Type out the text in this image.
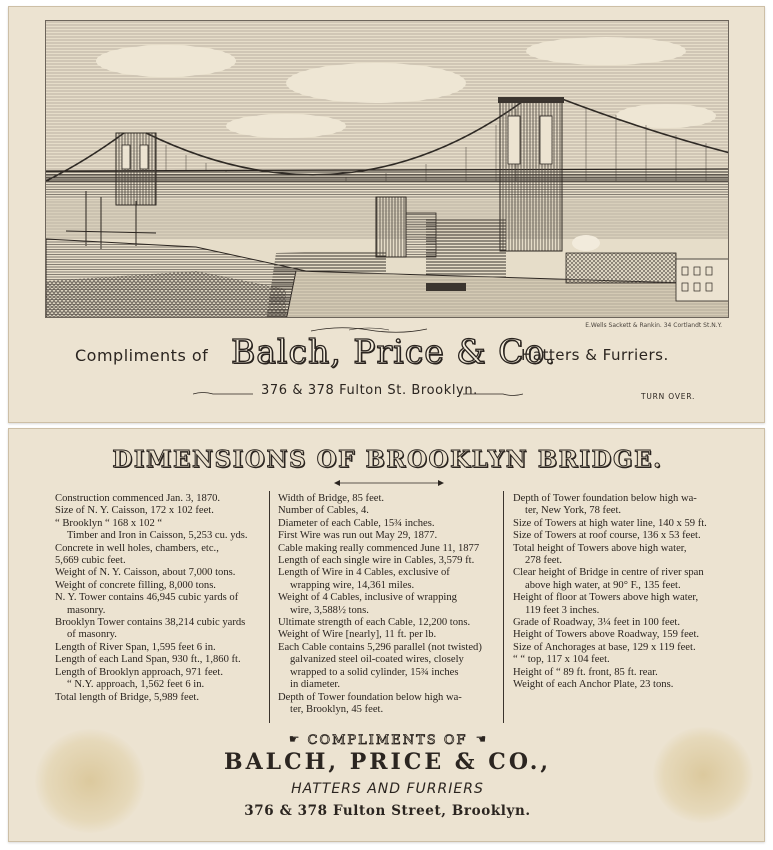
E.Wells Sackett & Rankin. 34 Cortlandt St.N.Y.
Compliments of Balch, Price & Co.
Hatters & Furriers.
376 & 378 Fulton St. Brooklyn.	TURN OVER.
DIMENSIONS OF BROOKLYN BRIDGE.
Construction commenced Jan. 3, 1870.
Size of N. Y. Caisson, 172 x 102 feet.
“ Brooklyn “ 168 x 102 “
Timber and Iron in Caisson, 5,253 cu. yds.
Concrete in well holes, chambers, etc.,
5,669 cubic feet.
Weight of N. Y. Caisson, about 7,000 tons.
Weight of concrete filling, 8,000 tons.
N. Y. Tower contains 46,945 cubic yards of
masonry.
Brooklyn Tower contains 38,214 cubic yards
of masonry.
Length of River Span, 1,595 feet 6 in.
Length of each Land Span, 930 ft., 1,860 ft.
Length of Brooklyn approach, 971 feet.
“ N.Y. approach, 1,562 feet 6 in.
Total length of Bridge, 5,989 feet.
Width of Bridge, 85 feet.
Number of Cables, 4.
Diameter of each Cable, 15¾ inches.
First Wire was run out May 29, 1877.
Cable making really commenced June 11, 1877
Length of each single wire in Cables, 3,579 ft.
Length of Wire in 4 Cables, exclusive of
wrapping wire, 14,361 miles.
Weight of 4 Cables, inclusive of wrapping
wire, 3,588½ tons.
Ultimate strength of each Cable, 12,200 tons.
Weight of Wire [nearly], 11 ft. per lb.
Each Cable contains 5,296 parallel (not twisted)
galvanized steel oil-coated wires, closely
wrapped to a solid cylinder, 15¾ inches
in diameter.
Depth of Tower foundation below high wa-
ter, Brooklyn, 45 feet.
Depth of Tower foundation below high wa-
ter, New York, 78 feet.
Size of Towers at high water line, 140 x 59 ft.
Size of Towers at roof course, 136 x 53 feet.
Total height of Towers above high water,
278 feet.
Clear height of Bridge in centre of river span
above high water, at 90° F., 135 feet.
Height of floor at Towers above high water,
119 feet 3 inches.
Grade of Roadway, 3¼ feet in 100 feet.
Height of Towers above Roadway, 159 feet.
Size of Anchorages at base, 129 x 119 feet.
“ “ top, 117 x 104 feet.
Height of “ 89 ft. front, 85 ft. rear.
Weight of each Anchor Plate, 23 tons.
☛ COMPLIMENTS OF ☚
BALCH, PRICE & CO.,
HATTERS AND FURRIERS
376 & 378 Fulton Street, Brooklyn.
